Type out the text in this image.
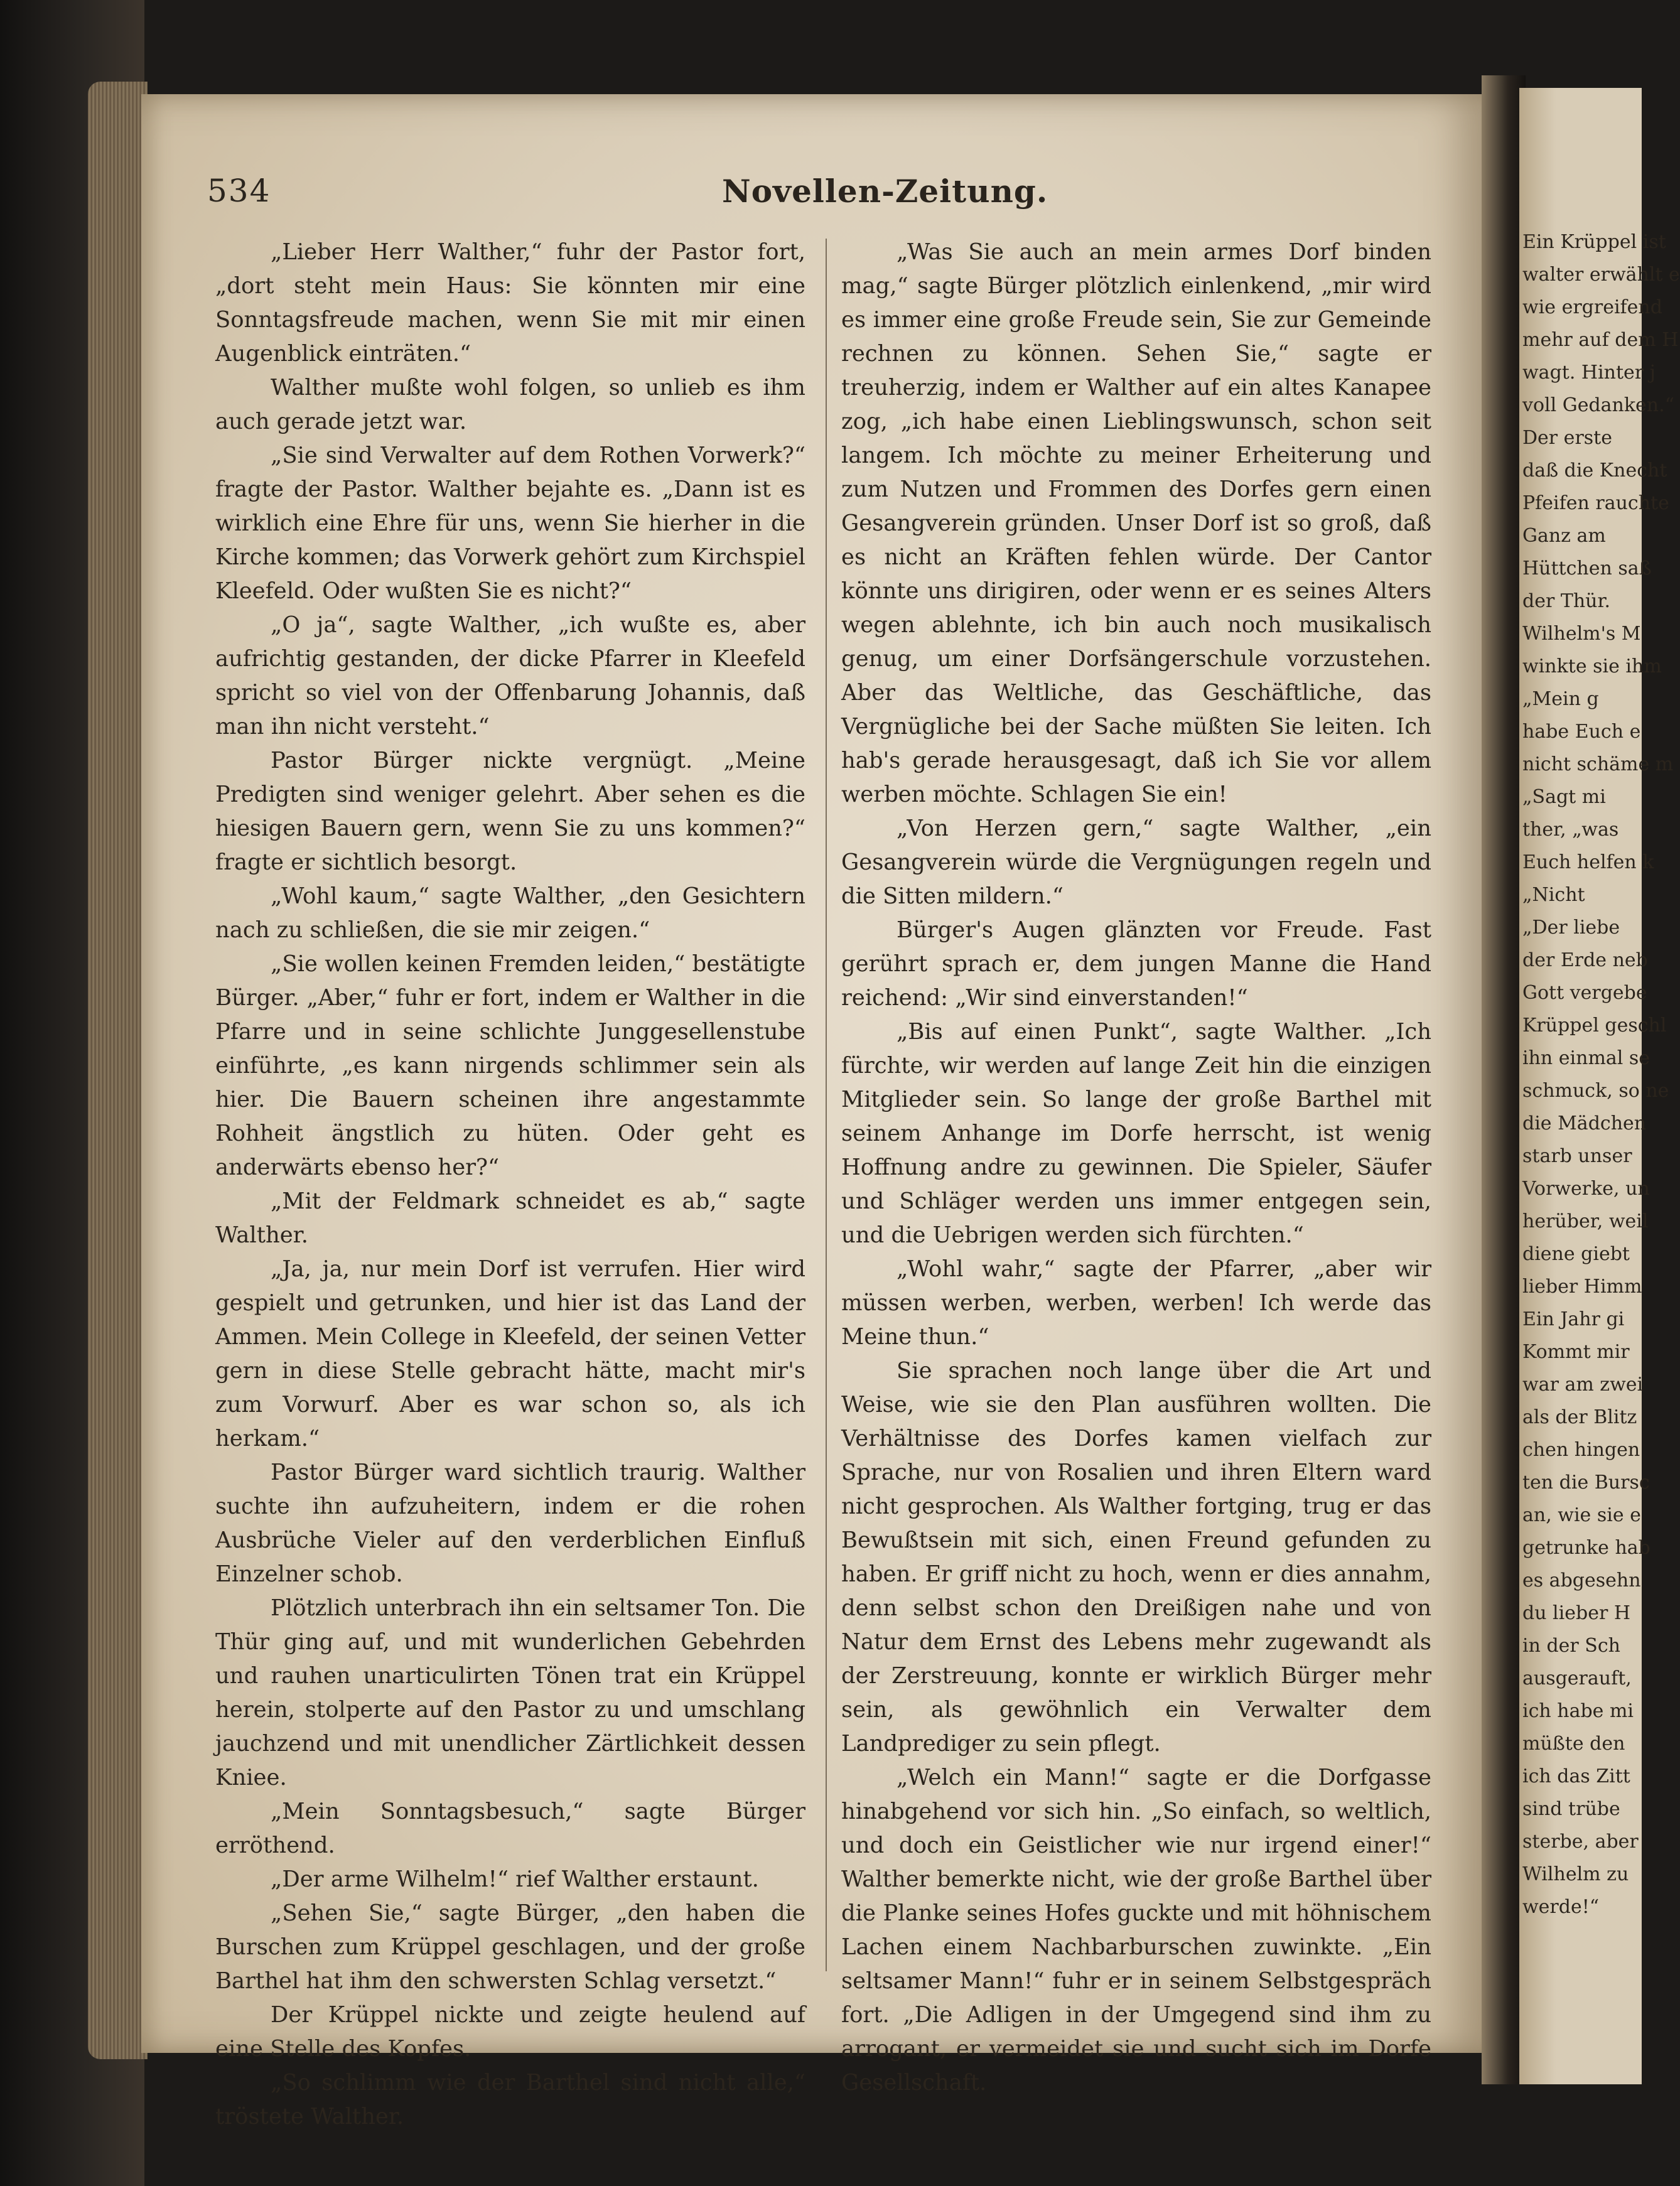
Ein Krüppel ist
walter erwählt e
wie ergreifend
mehr auf dem H
wagt. Hinter j
voll Gedanken.“
Der erste
daß die Knecht
Pfeifen rauchte
Ganz am
Hüttchen saß
der Thür.
Wilhelm's M
winkte sie ihm
„Mein g
habe Euch e
nicht schäme m
„Sagt mi
ther, „was
Euch helfen k
„Nicht
„Der liebe
der Erde neb
Gott vergebe
Krüppel geschl
ihn einmal se
schmuck, so ne
die Mädchen
starb unser
Vorwerke, un
herüber, weil
diene giebt
lieber Himm
Ein Jahr gi
Kommt mir
war am zwei
als der Blitz
chen hingen
ten die Bursc
an, wie sie e
getrunke hab
es abgesehn
du lieber H
in der Sch
ausgerauft,
ich habe mi
müßte den
ich das Zitt
sind trübe
sterbe, aber
Wilhelm zu
werde!“
534	Novellen-Zeitung.

„Lieber Herr Walther,“ fuhr der Pastor fort, „dort steht mein Haus: Sie könnten mir eine Sonntagsfreude machen, wenn Sie mit mir einen Augenblick einträten.“

Walther mußte wohl folgen, so unlieb es ihm auch gerade jetzt war.

„Sie sind Verwalter auf dem Rothen Vorwerk?“ fragte der Pastor. Walther bejahte es. „Dann ist es wirklich eine Ehre für uns, wenn Sie hierher in die Kirche kommen; das Vorwerk gehört zum Kirchspiel Kleefeld. Oder wußten Sie es nicht?“

„O ja“, sagte Walther, „ich wußte es, aber aufrichtig gestanden, der dicke Pfarrer in Kleefeld spricht so viel von der Offenbarung Johannis, daß man ihn nicht versteht.“

Pastor Bürger nickte vergnügt. „Meine Predigten sind weniger gelehrt. Aber sehen es die hiesigen Bauern gern, wenn Sie zu uns kommen?“ fragte er sichtlich besorgt.

„Wohl kaum,“ sagte Walther, „den Gesichtern nach zu schließen, die sie mir zeigen.“

„Sie wollen keinen Fremden leiden,“ bestätigte Bürger. „Aber,“ fuhr er fort, indem er Walther in die Pfarre und in seine schlichte Junggesellenstube einführte, „es kann nirgends schlimmer sein als hier. Die Bauern scheinen ihre angestammte Rohheit ängstlich zu hüten. Oder geht es anderwärts ebenso her?“

„Mit der Feldmark schneidet es ab,“ sagte Walther.

„Ja, ja, nur mein Dorf ist verrufen. Hier wird gespielt und getrunken, und hier ist das Land der Ammen. Mein College in Kleefeld, der seinen Vetter gern in diese Stelle gebracht hätte, macht mir's zum Vorwurf. Aber es war schon so, als ich herkam.“

Pastor Bürger ward sichtlich traurig. Walther suchte ihn aufzuheitern, indem er die rohen Ausbrüche Vieler auf den verderblichen Einfluß Einzelner schob.

Plötzlich unterbrach ihn ein seltsamer Ton. Die Thür ging auf, und mit wunderlichen Gebehrden und rauhen unarticulirten Tönen trat ein Krüppel herein, stolperte auf den Pastor zu und umschlang jauchzend und mit unendlicher Zärtlichkeit dessen Kniee.

„Mein Sonntagsbesuch,“ sagte Bürger erröthend.

„Der arme Wilhelm!“ rief Walther erstaunt.

„Sehen Sie,“ sagte Bürger, „den haben die Burschen zum Krüppel geschlagen, und der große Barthel hat ihm den schwersten Schlag versetzt.“

Der Krüppel nickte und zeigte heulend auf eine Stelle des Kopfes.

„So schlimm wie der Barthel sind nicht alle,“ tröstete Walther.

„Was Sie auch an mein armes Dorf binden mag,“ sagte Bürger plötzlich einlenkend, „mir wird es immer eine große Freude sein, Sie zur Gemeinde rechnen zu können. Sehen Sie,“ sagte er treuherzig, indem er Walther auf ein altes Kanapee zog, „ich habe einen Lieblingswunsch, schon seit langem. Ich möchte zu meiner Erheiterung und zum Nutzen und Frommen des Dorfes gern einen Gesangverein gründen. Unser Dorf ist so groß, daß es nicht an Kräften fehlen würde. Der Cantor könnte uns dirigiren, oder wenn er es seines Alters wegen ablehnte, ich bin auch noch musikalisch genug, um einer Dorfsängerschule vorzustehen. Aber das Weltliche, das Geschäftliche, das Vergnügliche bei der Sache müßten Sie leiten. Ich hab's gerade herausgesagt, daß ich Sie vor allem werben möchte. Schlagen Sie ein!

„Von Herzen gern,“ sagte Walther, „ein Gesangverein würde die Vergnügungen regeln und die Sitten mildern.“

Bürger's Augen glänzten vor Freude. Fast gerührt sprach er, dem jungen Manne die Hand reichend: „Wir sind einverstanden!“

„Bis auf einen Punkt“, sagte Walther. „Ich fürchte, wir werden auf lange Zeit hin die einzigen Mitglieder sein. So lange der große Barthel mit seinem Anhange im Dorfe herrscht, ist wenig Hoffnung andre zu gewinnen. Die Spieler, Säufer und Schläger werden uns immer entgegen sein, und die Uebrigen werden sich fürchten.“

„Wohl wahr,“ sagte der Pfarrer, „aber wir müssen werben, werben, werben! Ich werde das Meine thun.“

Sie sprachen noch lange über die Art und Weise, wie sie den Plan ausführen wollten. Die Verhältnisse des Dorfes kamen vielfach zur Sprache, nur von Rosalien und ihren Eltern ward nicht gesprochen. Als Walther fortging, trug er das Bewußtsein mit sich, einen Freund gefunden zu haben. Er griff nicht zu hoch, wenn er dies annahm, denn selbst schon den Dreißigen nahe und von Natur dem Ernst des Lebens mehr zugewandt als der Zerstreuung, konnte er wirklich Bürger mehr sein, als gewöhnlich ein Verwalter dem Landprediger zu sein pflegt.

„Welch ein Mann!“ sagte er die Dorfgasse hinabgehend vor sich hin. „So einfach, so weltlich, und doch ein Geistlicher wie nur irgend einer!“ Walther bemerkte nicht, wie der große Barthel über die Planke seines Hofes guckte und mit höhnischem Lachen einem Nachbarburschen zuwinkte. „Ein seltsamer Mann!“ fuhr er in seinem Selbstgespräch fort. „Die Adligen in der Umgegend sind ihm zu arrogant, er vermeidet sie und sucht sich im Dorfe Gesellschaft.
